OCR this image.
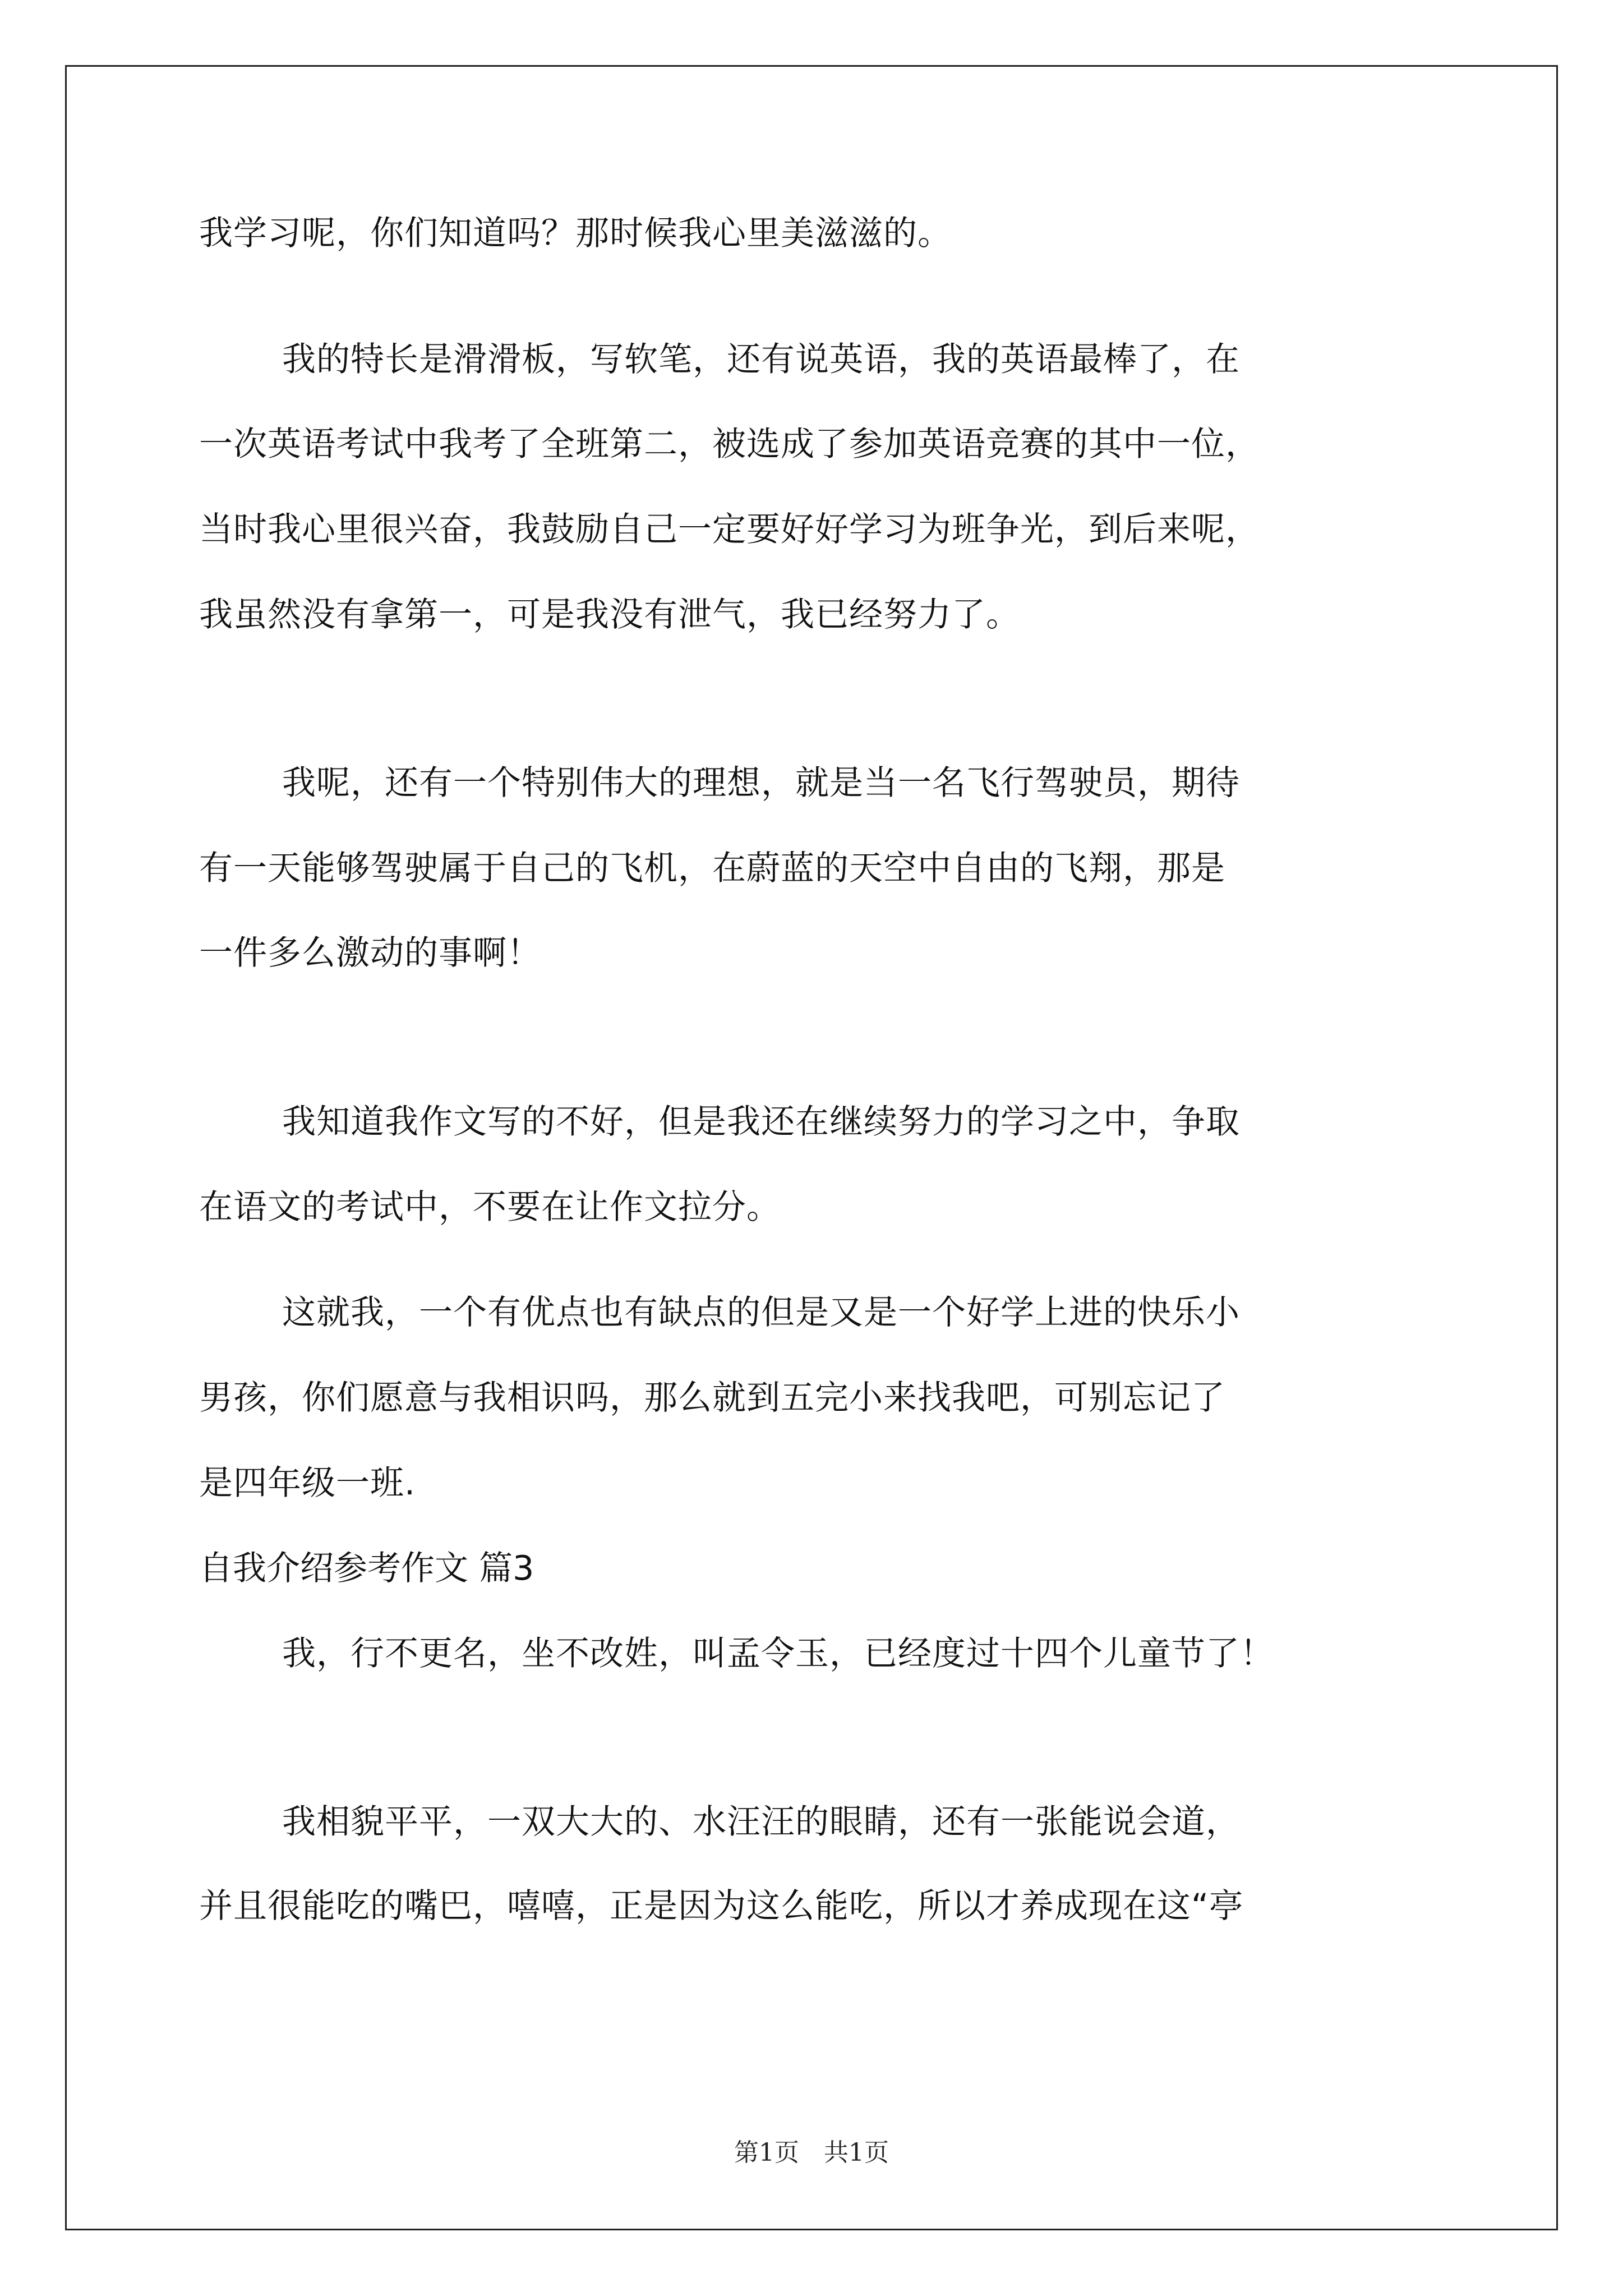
我学习呢，你们知道吗？那时候我心里美滋滋的。
我的特长是滑滑板，写软笔，还有说英语，我的英语最棒了，在
一次英语考试中我考了全班第二，被选成了参加英语竞赛的其中一位，
当时我心里很兴奋，我鼓励自己一定要好好学习为班争光，到后来呢，
我虽然没有拿第一，可是我没有泄气，我已经努力了。
我呢，还有一个特别伟大的理想，就是当一名飞行驾驶员，期待
有一天能够驾驶属于自己的飞机，在蔚蓝的天空中自由的飞翔，那是
一件多么激动的事啊！
我知道我作文写的不好，但是我还在继续努力的学习之中，争取
在语文的考试中，不要在让作文拉分。
这就我，一个有优点也有缺点的但是又是一个好学上进的快乐小
男孩，你们愿意与我相识吗，那么就到五完小来找我吧，可别忘记了
是四年级一班.
自我介绍参考作文 篇3
我，行不更名，坐不改姓，叫孟令玉，已经度过十四个儿童节了！
我相貌平平，一双大大的、水汪汪的眼睛，还有一张能说会道，
并且很能吃的嘴巴，嘻嘻，正是因为这么能吃，所以才养成现在这“亭
第1页　共1页
